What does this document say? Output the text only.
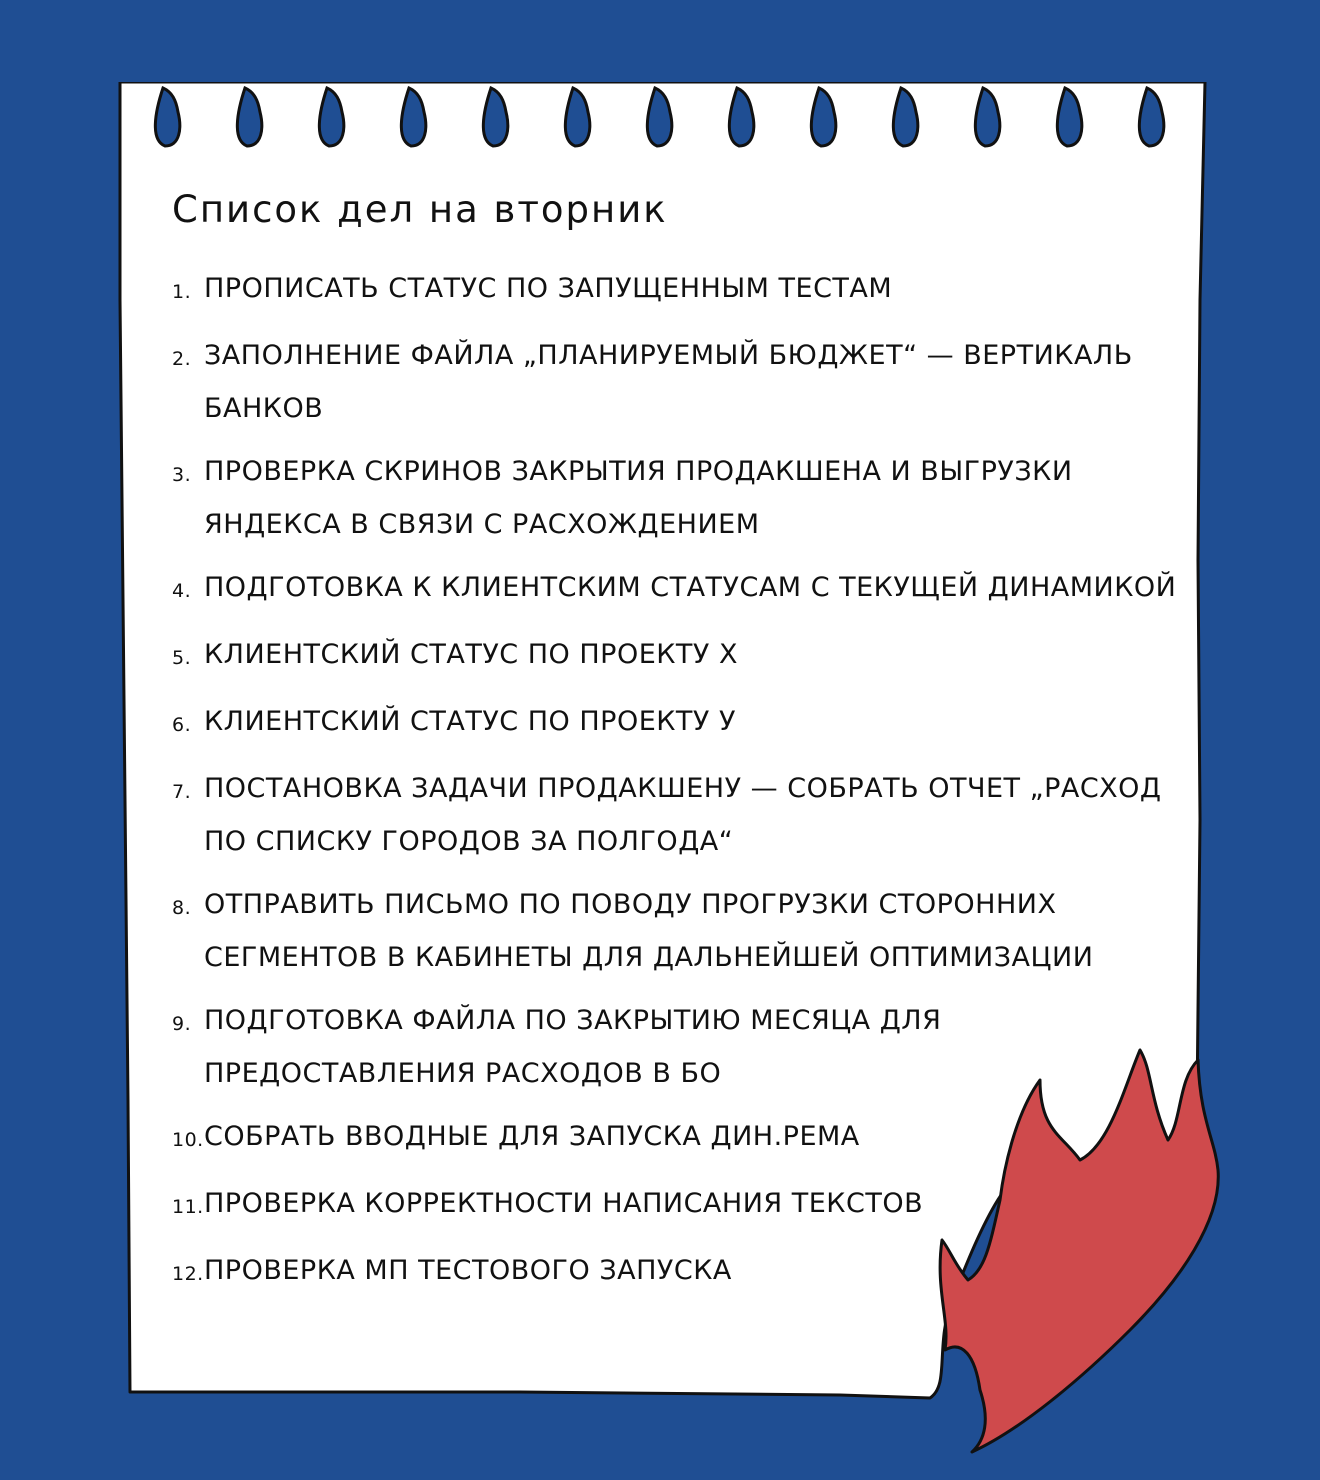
Список дел на вторник
1. ПРОПИСАТЬ СТАТУС ПО ЗАПУЩЕННЫМ ТЕСТАМ
2. ЗАПОЛНЕНИЕ ФАЙЛА „ПЛАНИРУЕМЫЙ БЮДЖЕТ“ — ВЕРТИКАЛЬ БАНКОВ
3. ПРОВЕРКА СКРИНОВ ЗАКРЫТИЯ ПРОДАКШЕНА И ВЫГРУЗКИ ЯНДЕКСА В СВЯЗИ С РАСХОЖДЕНИЕМ
4. ПОДГОТОВКА К КЛИЕНТСКИМ СТАТУСАМ С ТЕКУЩЕЙ ДИНАМИКОЙ
5. КЛИЕНТСКИЙ СТАТУС ПО ПРОЕКТУ Х
6. КЛИЕНТСКИЙ СТАТУС ПО ПРОЕКТУ У
7. ПОСТАНОВКА ЗАДАЧИ ПРОДАКШЕНУ — СОБРАТЬ ОТЧЕТ „РАСХОД ПО СПИСКУ ГОРОДОВ ЗА ПОЛГОДА“
8. ОТПРАВИТЬ ПИСЬМО ПО ПОВОДУ ПРОГРУЗКИ СТОРОННИХ СЕГМЕНТОВ В КАБИНЕТЫ ДЛЯ ДАЛЬНЕЙШЕЙ ОПТИМИЗАЦИИ
9. ПОДГОТОВКА ФАЙЛА ПО ЗАКРЫТИЮ МЕСЯЦА ДЛЯ ПРЕДОСТАВЛЕНИЯ РАСХОДОВ В БО
10. СОБРАТЬ ВВОДНЫЕ ДЛЯ ЗАПУСКА ДИН.РЕМА
11. ПРОВЕРКА КОРРЕКТНОСТИ НАПИСАНИЯ ТЕКСТОВ
12. ПРОВЕРКА МП ТЕСТОВОГО ЗАПУСКА
